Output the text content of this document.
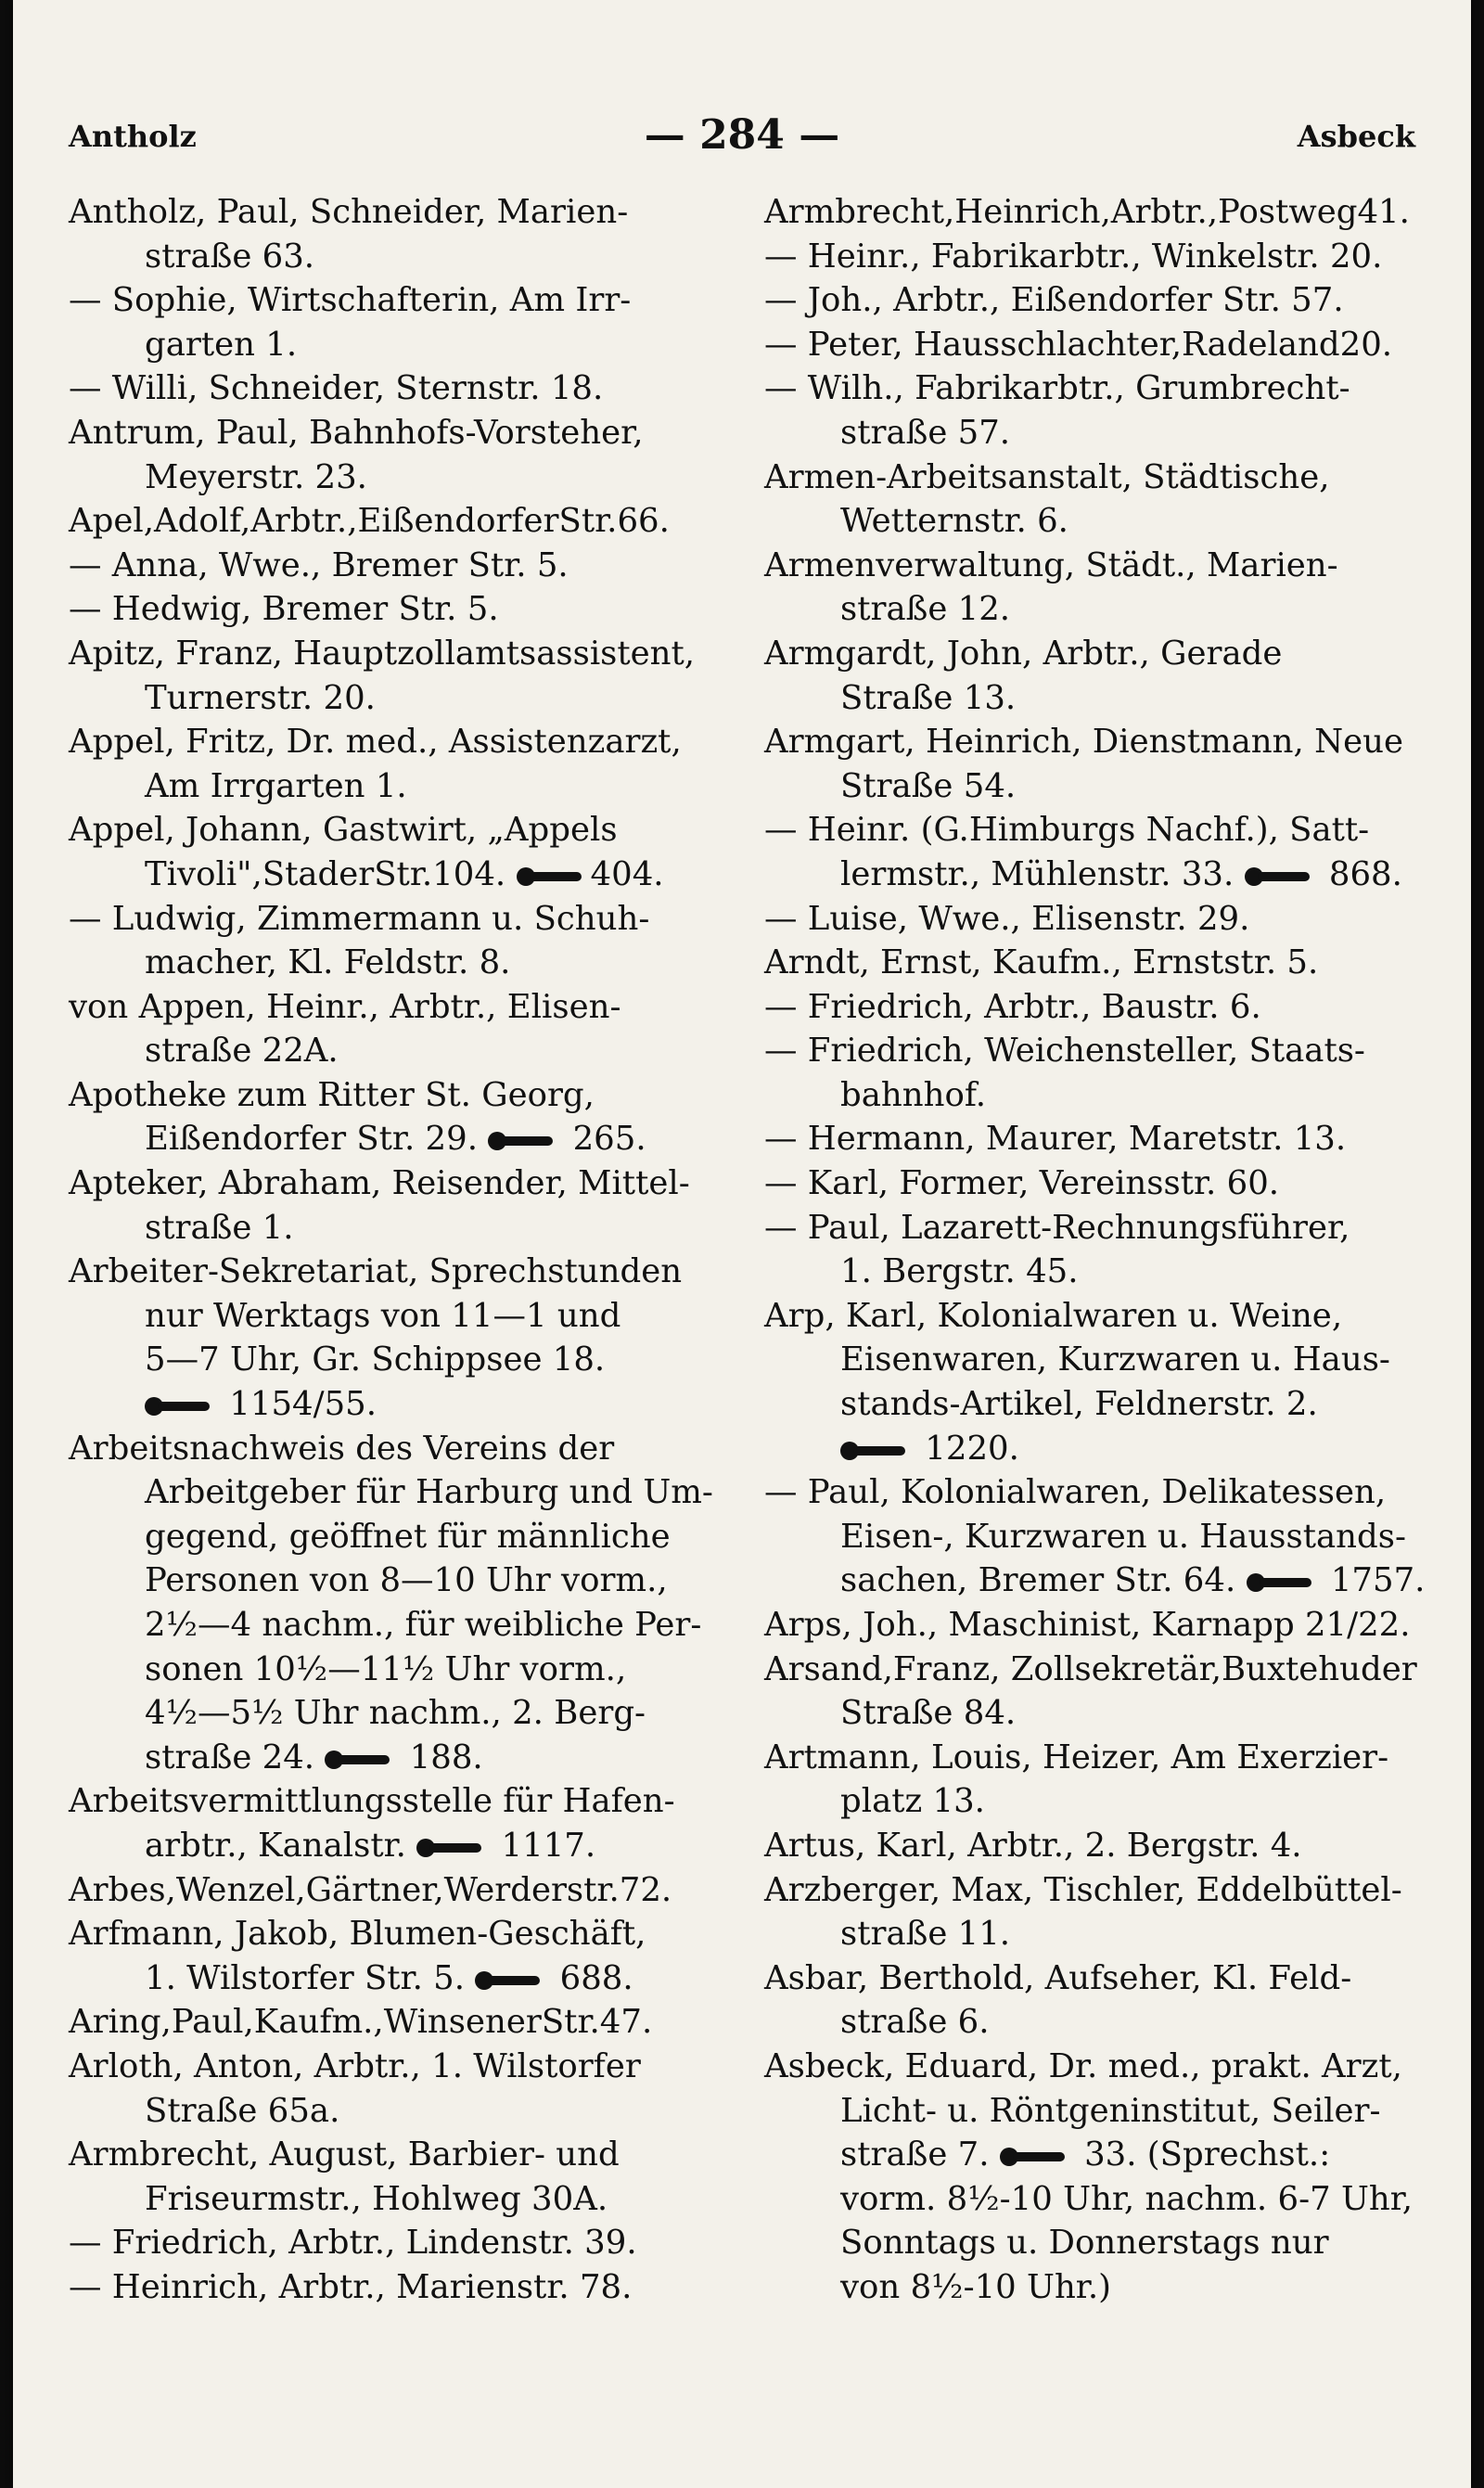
Antholz	— 284 —	Asbeck
Antholz, Paul, Schneider, Marien-
straße 63.
— Sophie, Wirtschafterin, Am Irr-
garten 1.
— Willi, Schneider, Sternstr. 18.
Antrum, Paul, Bahnhofs-Vorsteher,
Meyerstr. 23.
Apel,Adolf,Arbtr.,EißendorferStr.66.
— Anna, Wwe., Bremer Str. 5.
— Hedwig, Bremer Str. 5.
Apitz, Franz, Hauptzollamtsassistent,
Turnerstr. 20.
Appel, Fritz, Dr. med., Assistenzarzt,
Am Irrgarten 1.
Appel, Johann, Gastwirt, „Appels
Tivoli",StaderStr.104. 404.
— Ludwig, Zimmermann u. Schuh-
macher, Kl. Feldstr. 8.
von Appen, Heinr., Arbtr., Elisen-
straße 22A.
Apotheke zum Ritter St. Georg,
Eißendorfer Str. 29.  265.
Apteker, Abraham, Reisender, Mittel-
straße 1.
Arbeiter-Sekretariat, Sprechstunden
nur Werktags von 11—1 und
5—7 Uhr, Gr. Schippsee 18.
1154/55.
Arbeitsnachweis des Vereins der
Arbeitgeber für Harburg und Um-
gegend, geöffnet für männliche
Personen von 8—10 Uhr vorm.,
2½—4 nachm., für weibliche Per-
sonen 10½—11½ Uhr vorm.,
4½—5½ Uhr nachm., 2. Berg-
straße 24.  188.
Arbeitsvermittlungsstelle für Hafen-
arbtr., Kanalstr.  1117.
Arbes,Wenzel,Gärtner,Werderstr.72.
Arfmann, Jakob, Blumen-Geschäft,
1. Wilstorfer Str. 5.  688.
Aring,Paul,Kaufm.,WinsenerStr.47.
Arloth, Anton, Arbtr., 1. Wilstorfer
Straße 65a.
Armbrecht, August, Barbier- und
Friseurmstr., Hohlweg 30A.
— Friedrich, Arbtr., Lindenstr. 39.
— Heinrich, Arbtr., Marienstr. 78.
Armbrecht,Heinrich,Arbtr.,Postweg41.
— Heinr., Fabrikarbtr., Winkelstr. 20.
— Joh., Arbtr., Eißendorfer Str. 57.
— Peter, Hausschlachter,Radeland20.
— Wilh., Fabrikarbtr., Grumbrecht-
straße 57.
Armen-Arbeitsanstalt, Städtische,
Wetternstr. 6.
Armenverwaltung, Städt., Marien-
straße 12.
Armgardt, John, Arbtr., Gerade
Straße 13.
Armgart, Heinrich, Dienstmann, Neue
Straße 54.
— Heinr. (G.Himburgs Nachf.), Satt-
lermstr., Mühlenstr. 33.  868.
— Luise, Wwe., Elisenstr. 29.
Arndt, Ernst, Kaufm., Ernststr. 5.
— Friedrich, Arbtr., Baustr. 6.
— Friedrich, Weichensteller, Staats-
bahnhof.
— Hermann, Maurer, Maretstr. 13.
— Karl, Former, Vereinsstr. 60.
— Paul, Lazarett-Rechnungsführer,
1. Bergstr. 45.
Arp, Karl, Kolonialwaren u. Weine,
Eisenwaren, Kurzwaren u. Haus-
stands-Artikel, Feldnerstr. 2.
1220.
— Paul, Kolonialwaren, Delikatessen,
Eisen-, Kurzwaren u. Hausstands-
sachen, Bremer Str. 64.  1757.
Arps, Joh., Maschinist, Karnapp 21/22.
Arsand,Franz, Zollsekretär,Buxtehuder
Straße 84.
Artmann, Louis, Heizer, Am Exerzier-
platz 13.
Artus, Karl, Arbtr., 2. Bergstr. 4.
Arzberger, Max, Tischler, Eddelbüttel-
straße 11.
Asbar, Berthold, Aufseher, Kl. Feld-
straße 6.
Asbeck, Eduard, Dr. med., prakt. Arzt,
Licht- u. Röntgeninstitut, Seiler-
straße 7.  33. (Sprechst.:
vorm. 8½-10 Uhr, nachm. 6-7 Uhr,
Sonntags u. Donnerstags nur
von 8½-10 Uhr.)
